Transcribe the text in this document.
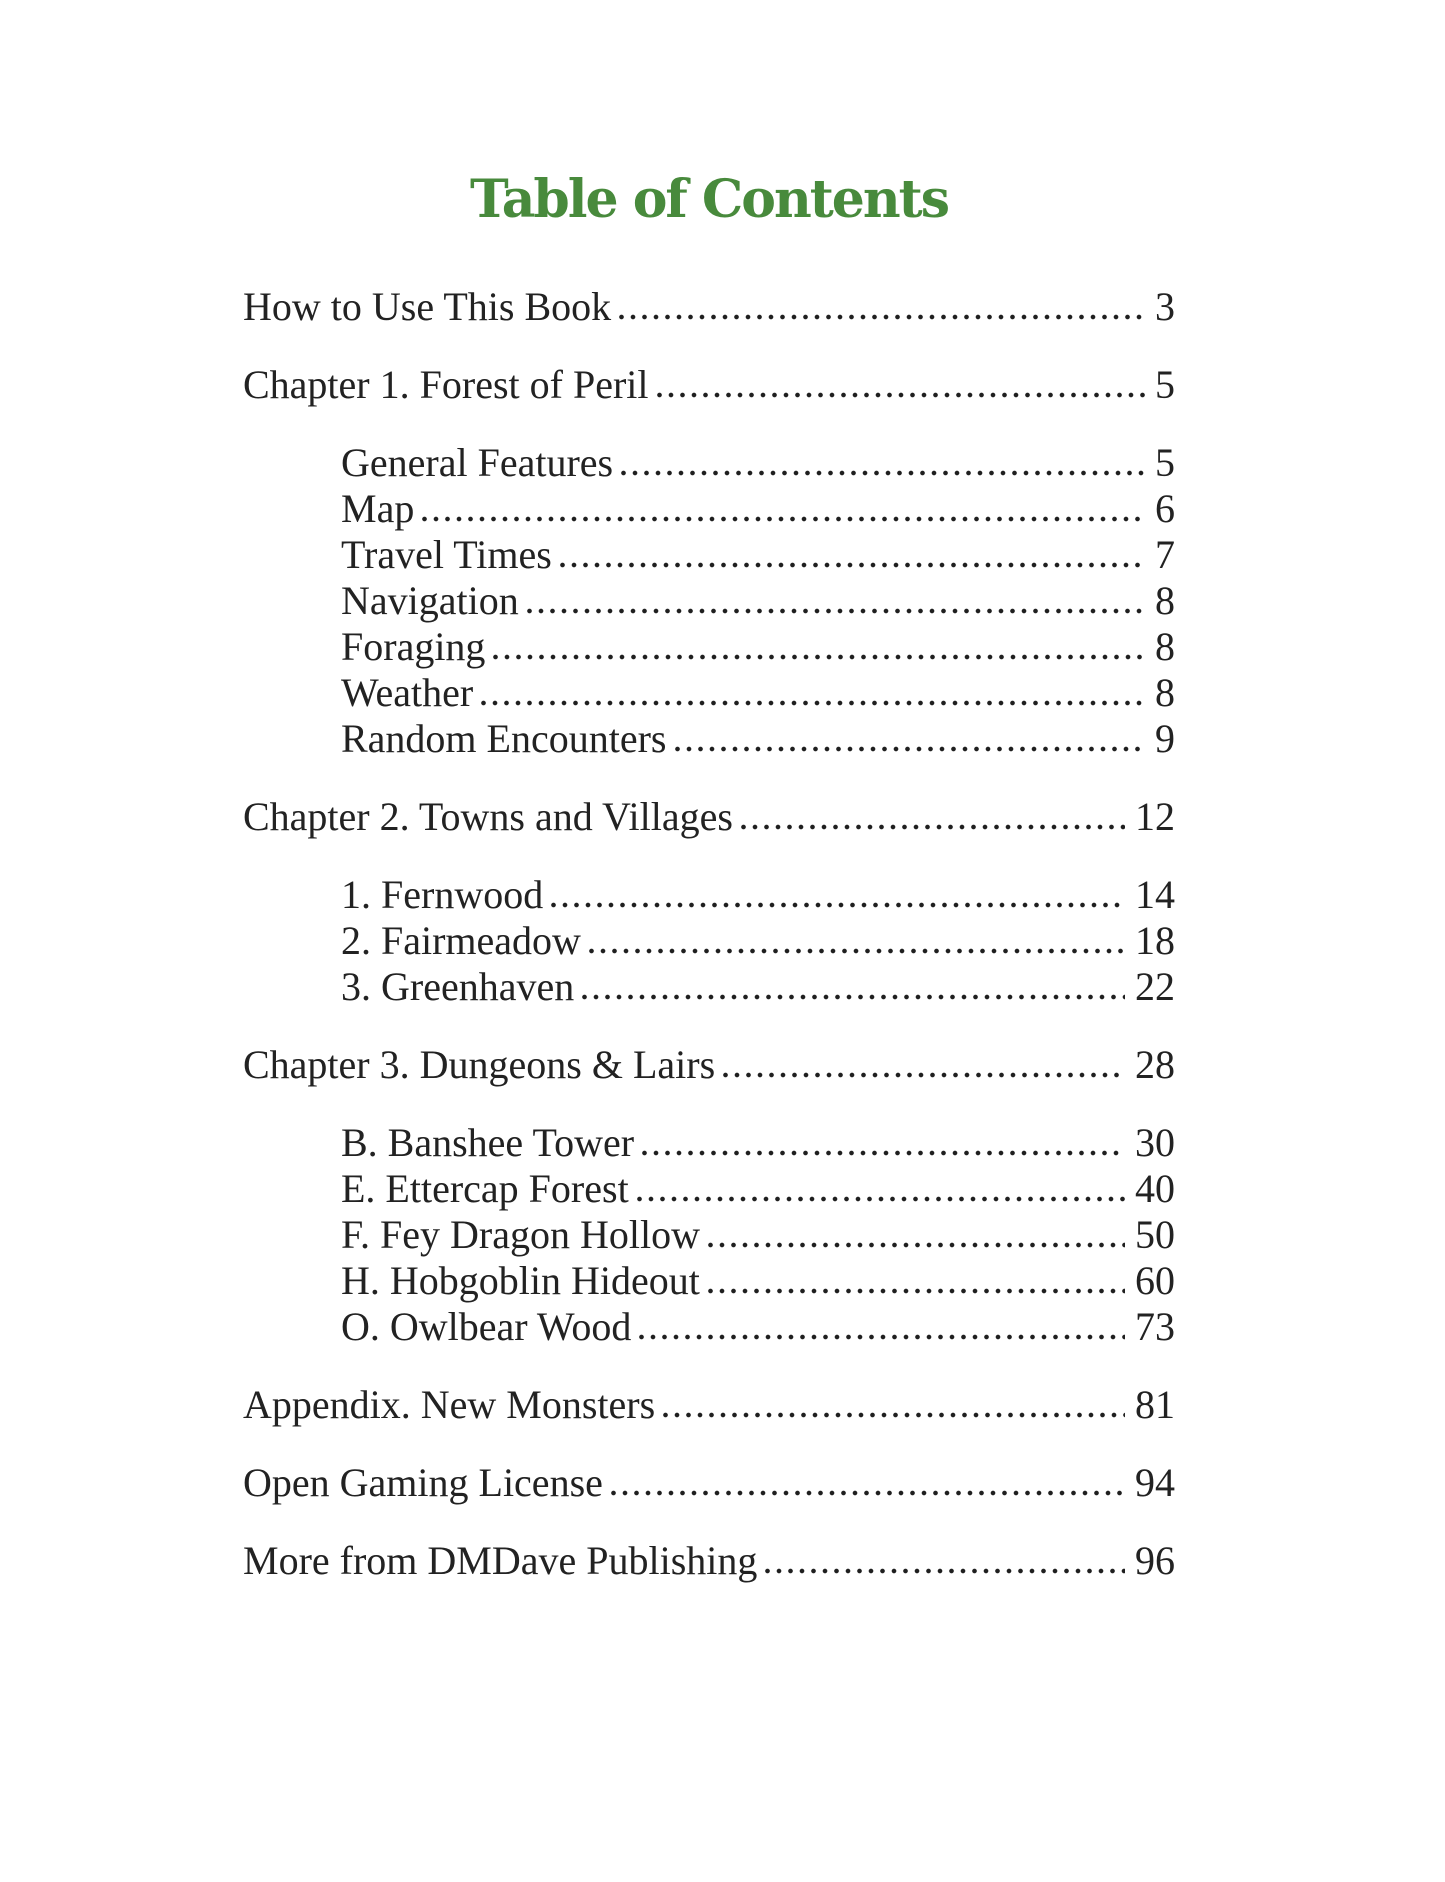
Table of Contents
How to Use This Book	3
Chapter 1. Forest of Peril	5
General Features	5
Map	6
Travel Times	7
Navigation	8
Foraging	8
Weather	8
Random Encounters	9
Chapter 2. Towns and Villages	12
1. Fernwood	14
2. Fairmeadow	18
3. Greenhaven	22
Chapter 3. Dungeons & Lairs	28
B. Banshee Tower	30
E. Ettercap Forest	40
F. Fey Dragon Hollow	50
H. Hobgoblin Hideout	60
O. Owlbear Wood	73
Appendix. New Monsters	81
Open Gaming License	94
More from DMDave Publishing	96
